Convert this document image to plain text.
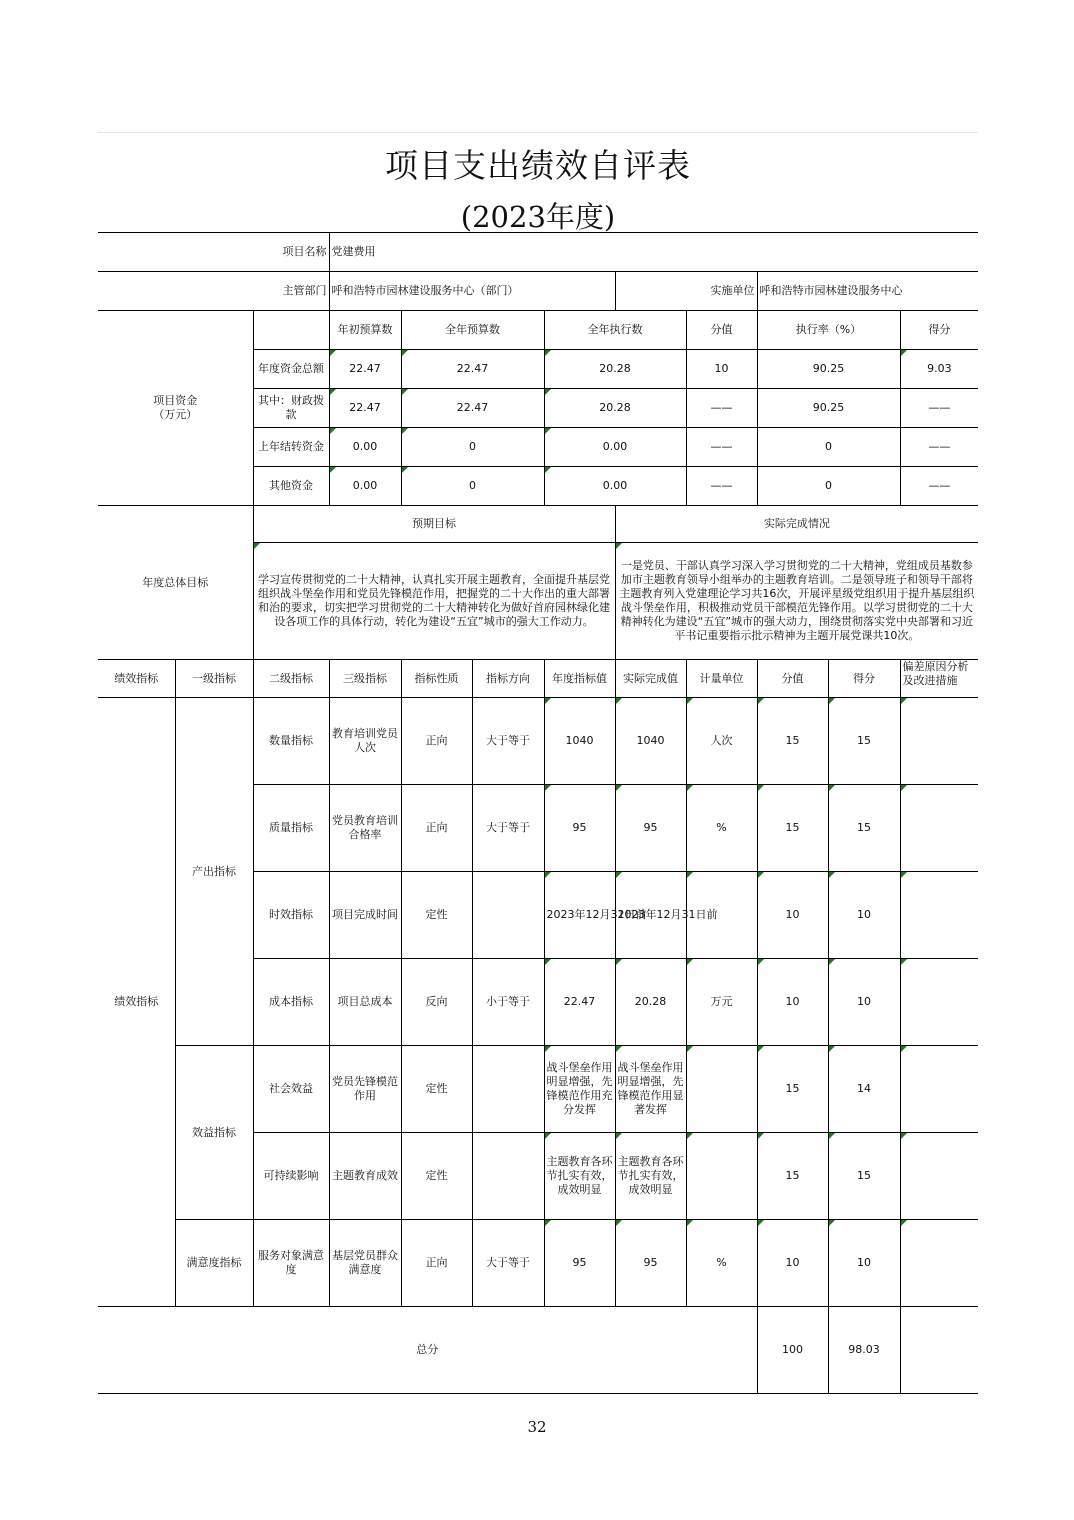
项目支出绩效自评表
(2023年度)
项目名称			党建费用								
主管部门			呼和浩特市园林建设服务中心（部门）				实施单位		呼和浩特市园林建设服务中心		
项目资金
（万元）			年初预算数	全年预算数		全年执行数		分值	执行率（%）		得分
		年度资金总额	22.47	22.47		20.28		10	90.25		9.03
		其中：财政拨款	22.47	22.47		20.28		——	90.25		——
		上年结转资金	0.00	0		0.00		——	0		——
		其他资金	0.00	0		0.00		——	0		——
年度总体目标		预期目标					实际完成情况				
		学习宣传贯彻党的二十大精神，认真扎实开展主题教育，全面提升基层党组织战斗堡垒作用和党员先锋模范作用，把握党的二十大作出的重大部署和治的要求，切实把学习贯彻党的二十大精神转化为做好首府园林绿化建设各项工作的具体行动，转化为建设“五宜”城市的强大工作动力。					一是党员、干部认真学习深入学习贯彻党的二十大精神，党组成员基数参加市主题教育领导小组举办的主题教育培训。二是领导班子和领导干部将主题教育列入党建理论学习共16次，开展评星级党组织用于提升基层组织战斗堡垒作用，积极推动党员干部模范先锋作用。以学习贯彻党的二十大精神转化为建设“五宜”城市的强大动力，围绕贯彻落实党中央部署和习近平书记重要指示批示精神为主题开展党课共10次。				
绩效指标	一级指标	二级指标	三级指标	指标性质	指标方向	年度指标值	实际完成值	计量单位	分值	得分	偏差原因分析及改进措施
绩效指标	产出指标	数量指标	教育培训党员人次	正向	大于等于	1040	1040	人次	15	15	
		质量指标	党员教育培训合格率	正向	大于等于	95	95	%	15	15	
		时效指标	项目完成时间	定性		2023年12月31日前	2023年12月31日前		10	10	
		成本指标	项目总成本	反向	小于等于	22.47	20.28	万元	10	10	
	效益指标	社会效益	党员先锋模范作用	定性		战斗堡垒作用明显增强，先锋模范作用充分发挥	战斗堡垒作用明显增强，先锋模范作用显著发挥		15	14	
		可持续影响	主题教育成效	定性		主题教育各环节扎实有效，成效明显	主题教育各环节扎实有效，成效明显		15	15	
	满意度指标	服务对象满意度	基层党员群众满意度	正向	大于等于	95	95	%	10	10	
总分									100	98.03	
32
